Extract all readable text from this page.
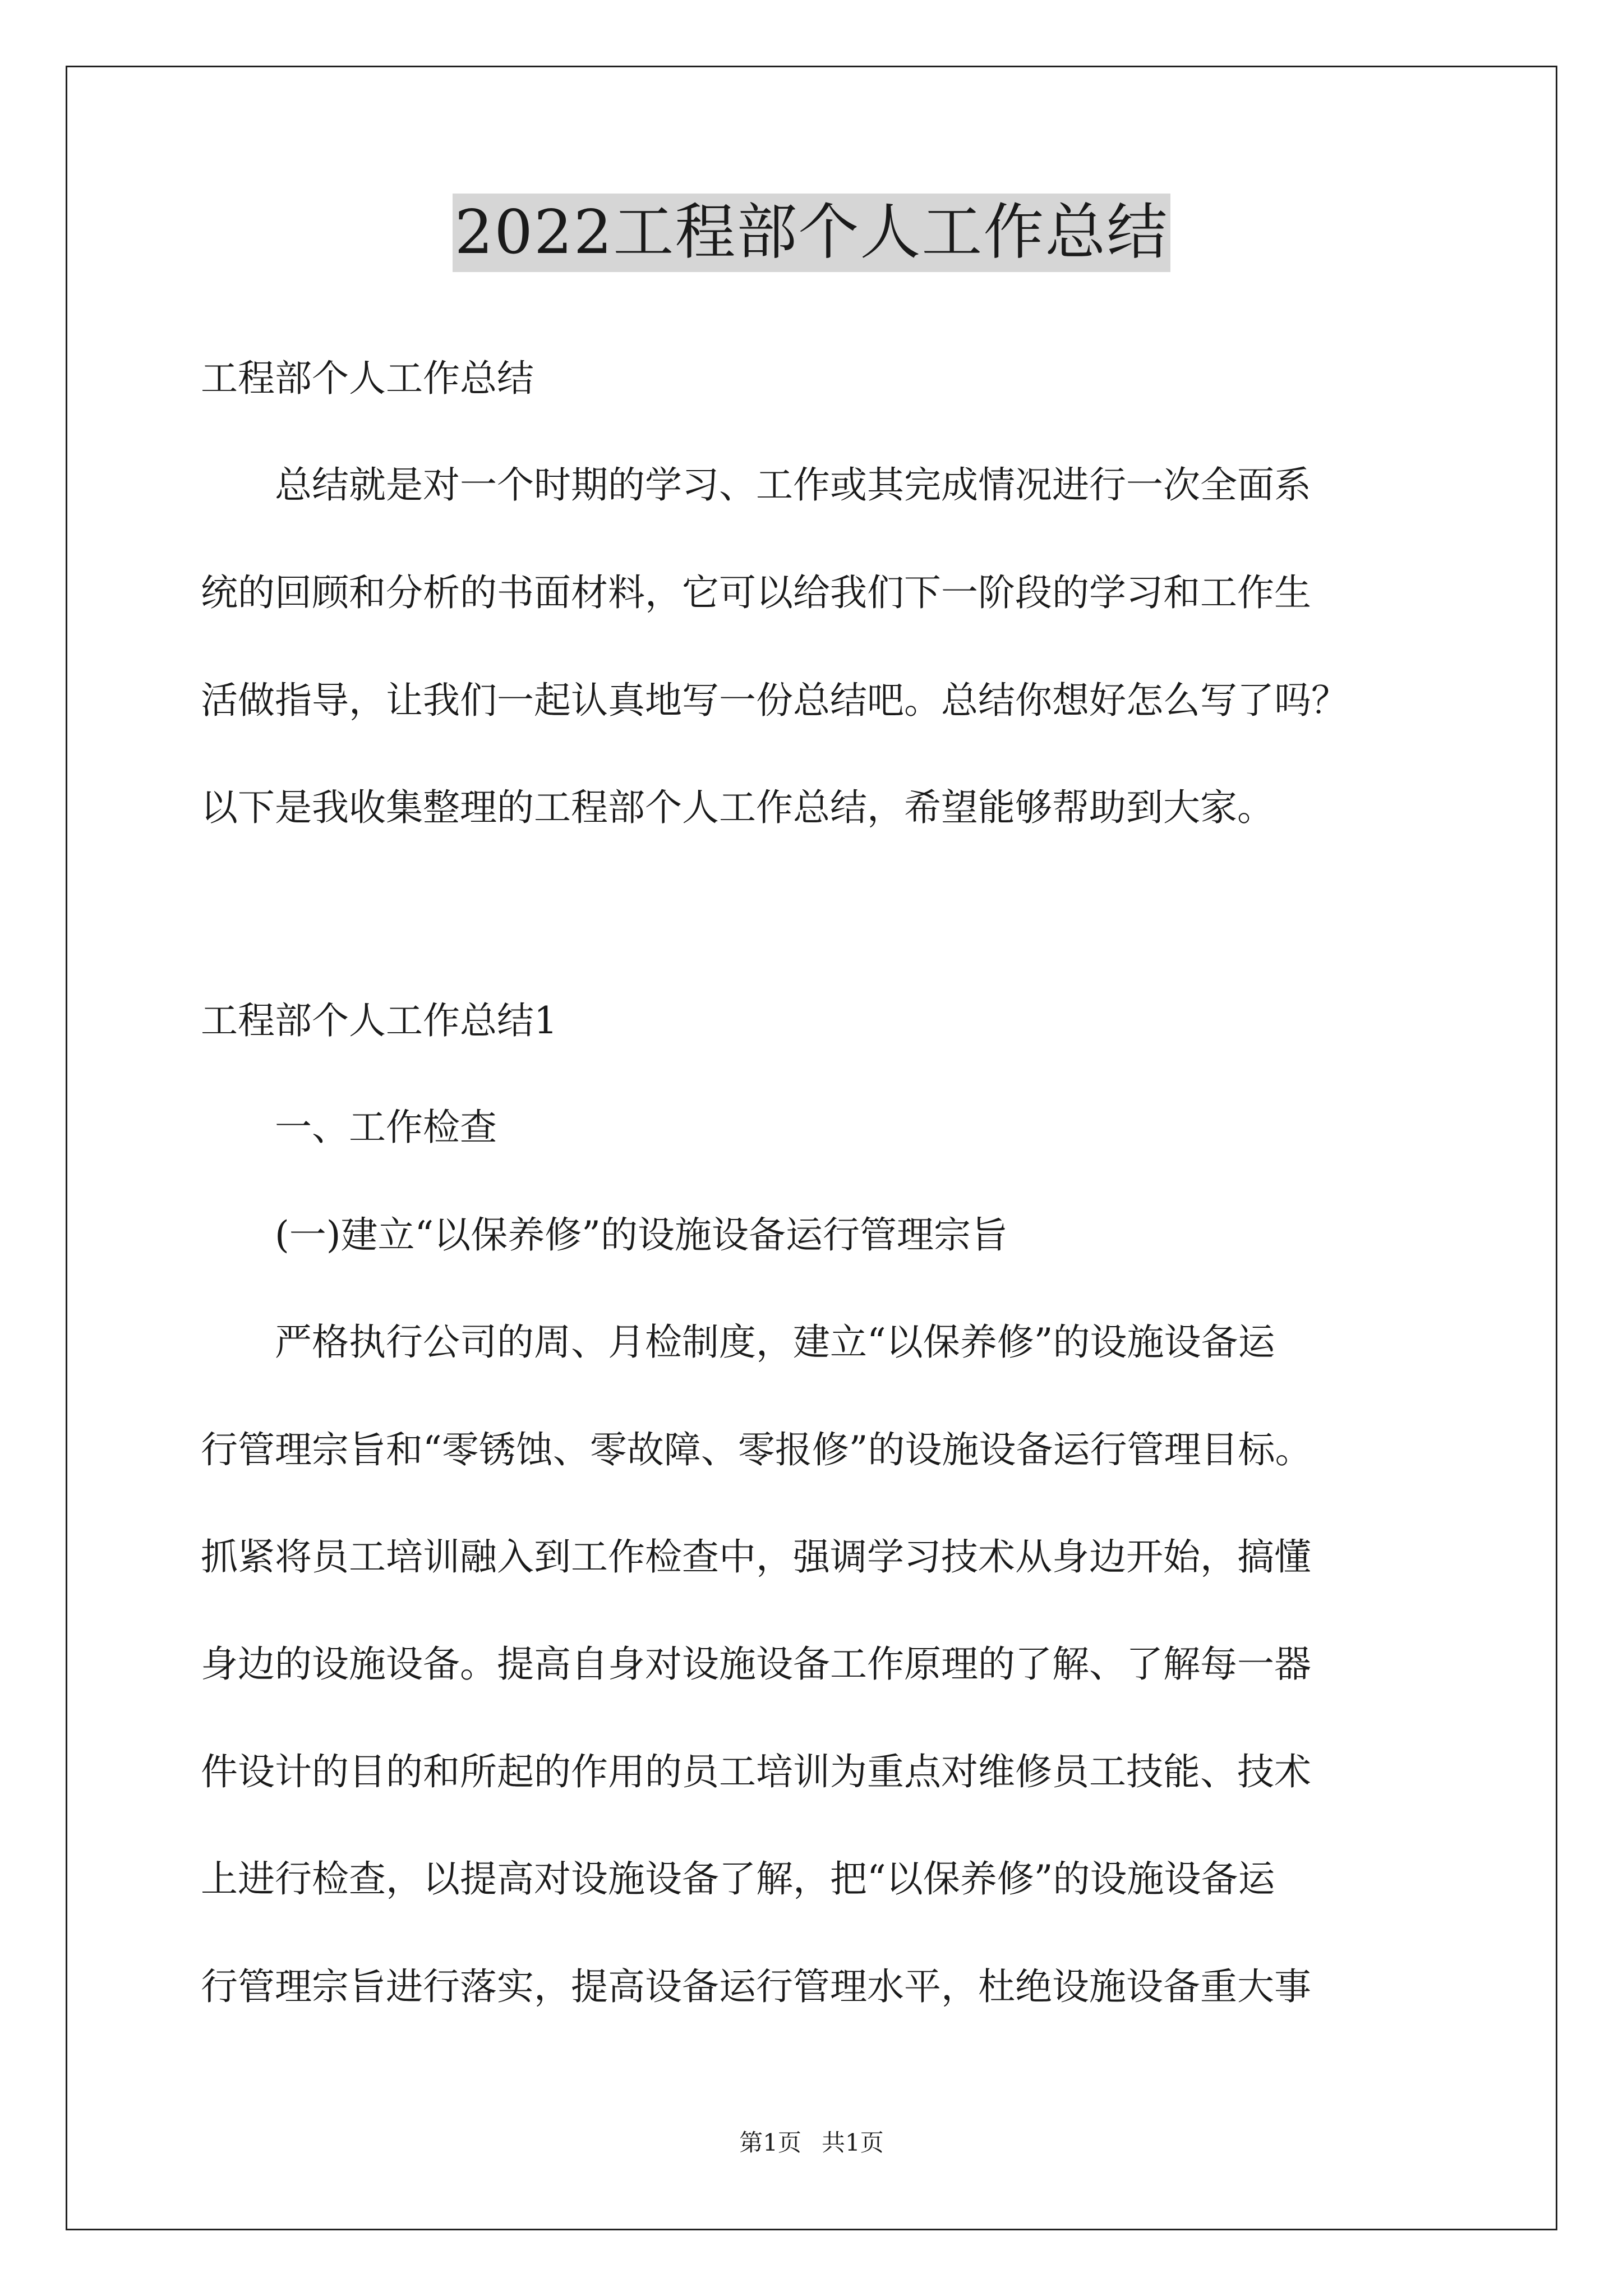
2022工程部个人工作总结
工程部个人工作总结
　　总结就是对一个时期的学习、工作或其完成情况进行一次全面系
统的回顾和分析的书面材料，它可以给我们下一阶段的学习和工作生
活做指导，让我们一起认真地写一份总结吧。总结你想好怎么写了吗？
以下是我收集整理的工程部个人工作总结，希望能够帮助到大家。
工程部个人工作总结1
　　一、工作检查
　　(一)建立“以保养修”的设施设备运行管理宗旨
　　严格执行公司的周、月检制度，建立“以保养修”的设施设备运
行管理宗旨和“零锈蚀、零故障、零报修”的设施设备运行管理目标。
抓紧将员工培训融入到工作检查中，强调学习技术从身边开始，搞懂
身边的设施设备。提高自身对设施设备工作原理的了解、了解每一器
件设计的目的和所起的作用的员工培训为重点对维修员工技能、技术
上进行检查，以提高对设施设备了解，把“以保养修”的设施设备运
行管理宗旨进行落实，提高设备运行管理水平，杜绝设施设备重大事
第1页 共1页
